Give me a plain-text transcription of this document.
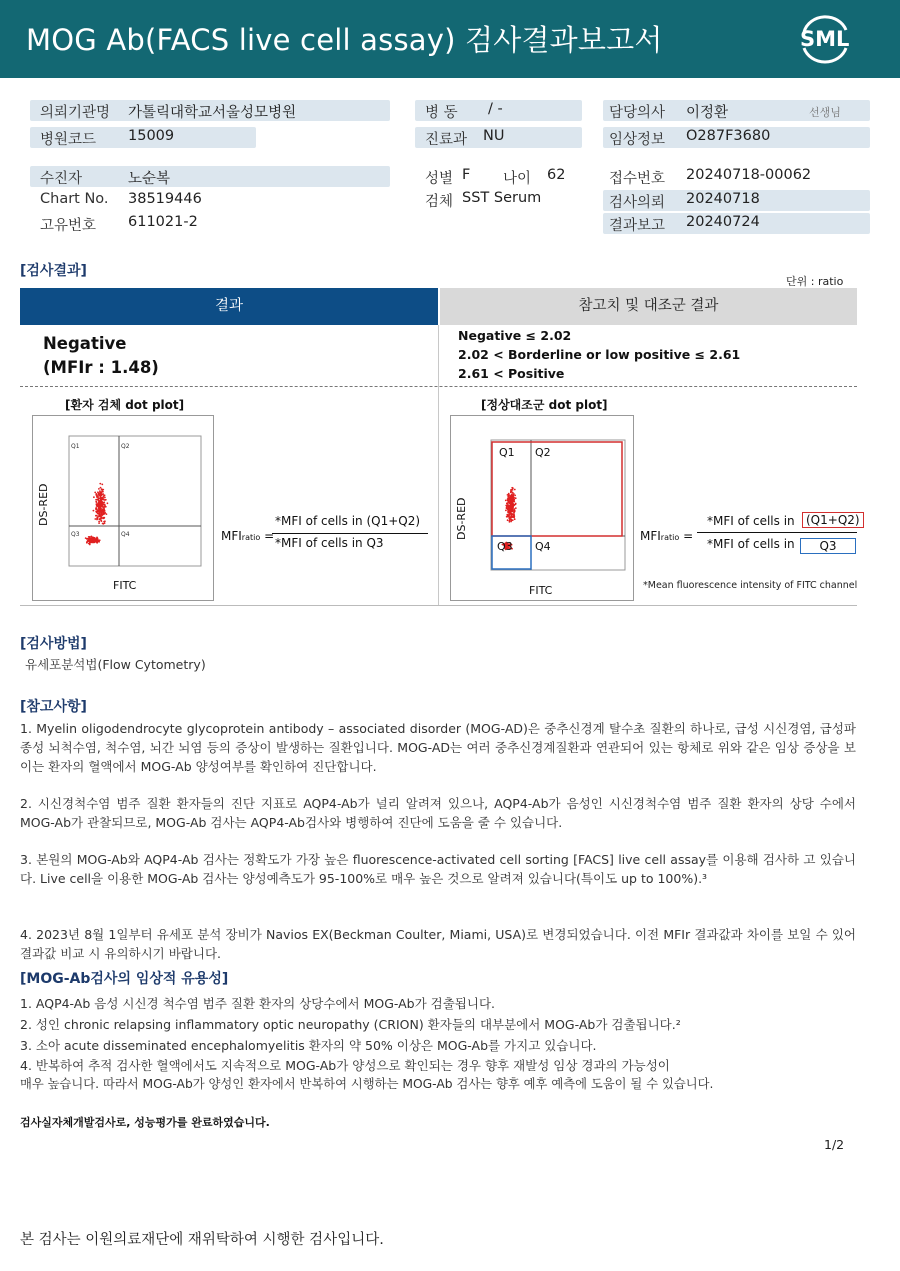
MOG Ab(FACS live cell assay) 검사결과보고서	SML
의뢰기관명 가톨릭대학교서울성모병원
병원코드 15009
병 동 / -
진료과 NU
담당의사 이정환	선생님
임상정보 O287F3680
수진자	노순복
Chart No. 38519446
고유번호 611021-2
성별 F 나이 62
검체 SST Serum
접수번호 20240718-00062
검사의뢰 20240718
결과보고 20240724
[검사결과]
단위 : ratio
결과	참고치 및 대조군 결과
Negative
(MFIr : 1.48)
Negative ≤ 2.02
2.02 < Borderline or low positive ≤ 2.61
2.61 < Positive
[환자 검체 dot plot]	[정상대조군 dot plot]
Q1	Q2
Q3	Q4
DS-RED
FITC
MFIratio =
*MFI of cells in (Q1+Q2)
*MFI of cells in Q3
Q1 Q2
Q3 Q4
DS-RED
FITC
MFIratio =
*MFI of cells in (Q1+Q2)
*MFI of cells in	Q3
*Mean fluorescence intensity of FITC channel
[검사방법]
유세포분석법(Flow Cytometry)
[참고사항]
1. Myelin oligodendrocyte glycoprotein antibody – associated disorder (MOG-AD)은 중추신경계 탈수초 질환의 하나로, 급성 시신경염, 급성파종성 뇌척수염, 척수염, 뇌간 뇌염 등의 증상이 발생하는 질환입니다. MOG-AD는 여러 중추신경계질환과 연관되어 있는 항체로 위와 같은 임상 증상을 보이는 환자의 혈액에서 MOG-Ab 양성여부를 확인하여 진단합니다.
2. 시신경척수염 범주 질환 환자들의 진단 지표로 AQP4-Ab가 널리 알려져 있으나, AQP4-Ab가 음성인 시신경척수염 범주 질환 환자의 상당 수에서 MOG-Ab가 관찰되므로, MOG-Ab 검사는 AQP4-Ab검사와 병행하여 진단에 도움을 줄 수 있습니다.
3. 본원의 MOG-Ab와 AQP4-Ab 검사는 정확도가 가장 높은 fluorescence-activated cell sorting [FACS] live cell assay를 이용해 검사하 고 있습니다. Live cell을 이용한 MOG-Ab 검사는 양성예측도가 95-100%로 매우 높은 것으로 알려져 있습니다(특이도 up to 100%).³
4. 2023년 8월 1일부터 유세포 분석 장비가 Navios EX(Beckman Coulter, Miami, USA)로 변경되었습니다. 이전 MFIr 결과값과 차이를 보일 수 있어 결과값 비교 시 유의하시기 바랍니다.
[MOG-Ab검사의 임상적 유용성]
1. AQP4-Ab 음성 시신경 척수염 범주 질환 환자의 상당수에서 MOG-Ab가 검출됩니다.
2. 성인 chronic relapsing inflammatory optic neuropathy (CRION) 환자들의 대부분에서 MOG-Ab가 검출됩니다.²
3. 소아 acute disseminated encephalomyelitis 환자의 약 50% 이상은 MOG-Ab를 가지고 있습니다.
4. 반복하여 추적 검사한 혈액에서도 지속적으로 MOG-Ab가 양성으로 확인되는 경우 향후 재발성 임상 경과의 가능성이
매우 높습니다. 따라서 MOG-Ab가 양성인 환자에서 반복하여 시행하는 MOG-Ab 검사는 향후 예후 예측에 도움이 될 수 있습니다.
검사실자체개발검사로, 성능평가를 완료하였습니다.
1/2
본 검사는 이원의료재단에 재위탁하여 시행한 검사입니다.
